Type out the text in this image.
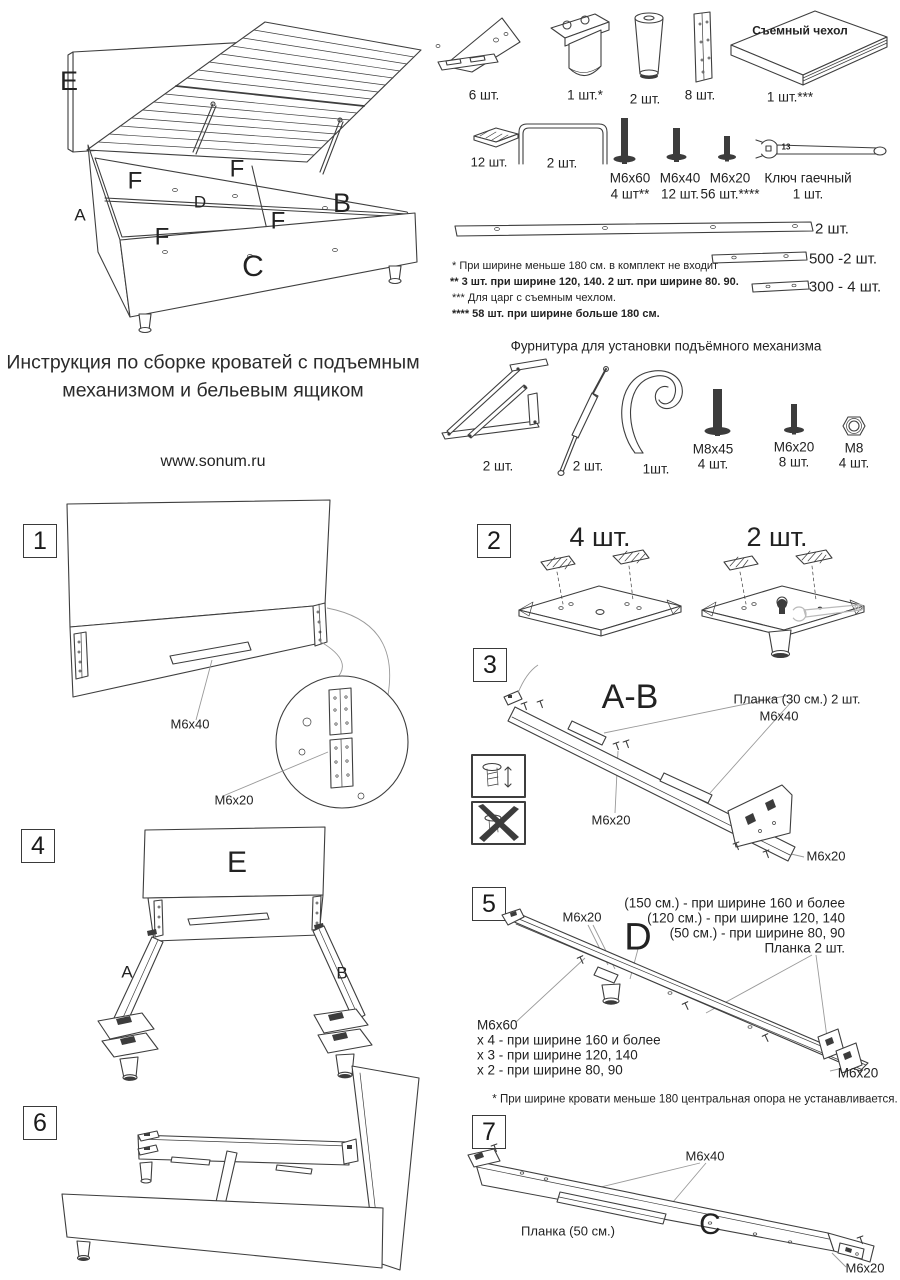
E
F	F
A
D	B
F
F
C
Съемный чехол
6 шт.	1 шт.* 2 шт. 8 шт.	1 шт.***
13
12 шт.	2 шт.
М6х60
4 шт**
М6х40
12 шт.
М6х20
56 шт.****
Ключ гаечный
1 шт.
2 шт.
500 -2 шт.
300 - 4 шт.
* При ширине меньше 180 см. в комплект не входит
** 3 шт. при ширине 120, 140. 2 шт. при ширине 80. 90.
*** Для царг с съемным чехлом.
**** 58 шт. при ширине больше 180 см.
Инструкция по сборке кроватей с подъемным механизмом и бельевым ящиком
www.sonum.ru
Фурнитура для установки подъёмного механизма
2 шт.	2 шт.	1шт.
М8х45
4 шт.
М6х20
8 шт.
М8
4 шт.
1
М6х40
М6х20
2	4 шт.	2 шт.
3
A-B	Планка (30 см.) 2 шт.
М6х40
М6х20
М6х20
4
E
A	B
5	М6х20 D
(150 см.) - при ширине 160 и более
(120 см.) - при ширине 120, 140
(50 см.) - при ширине 80, 90
Планка 2 шт.
М6х60
х 4 - при ширине 160 и более
х 3 - при ширине 120, 140
х 2 - при ширине 80, 90	М6х20
* При ширине кровати меньше 180 центральная опора не устанавливается.
6	7
М6х40
Планка (50 см.)	C
М6х20
